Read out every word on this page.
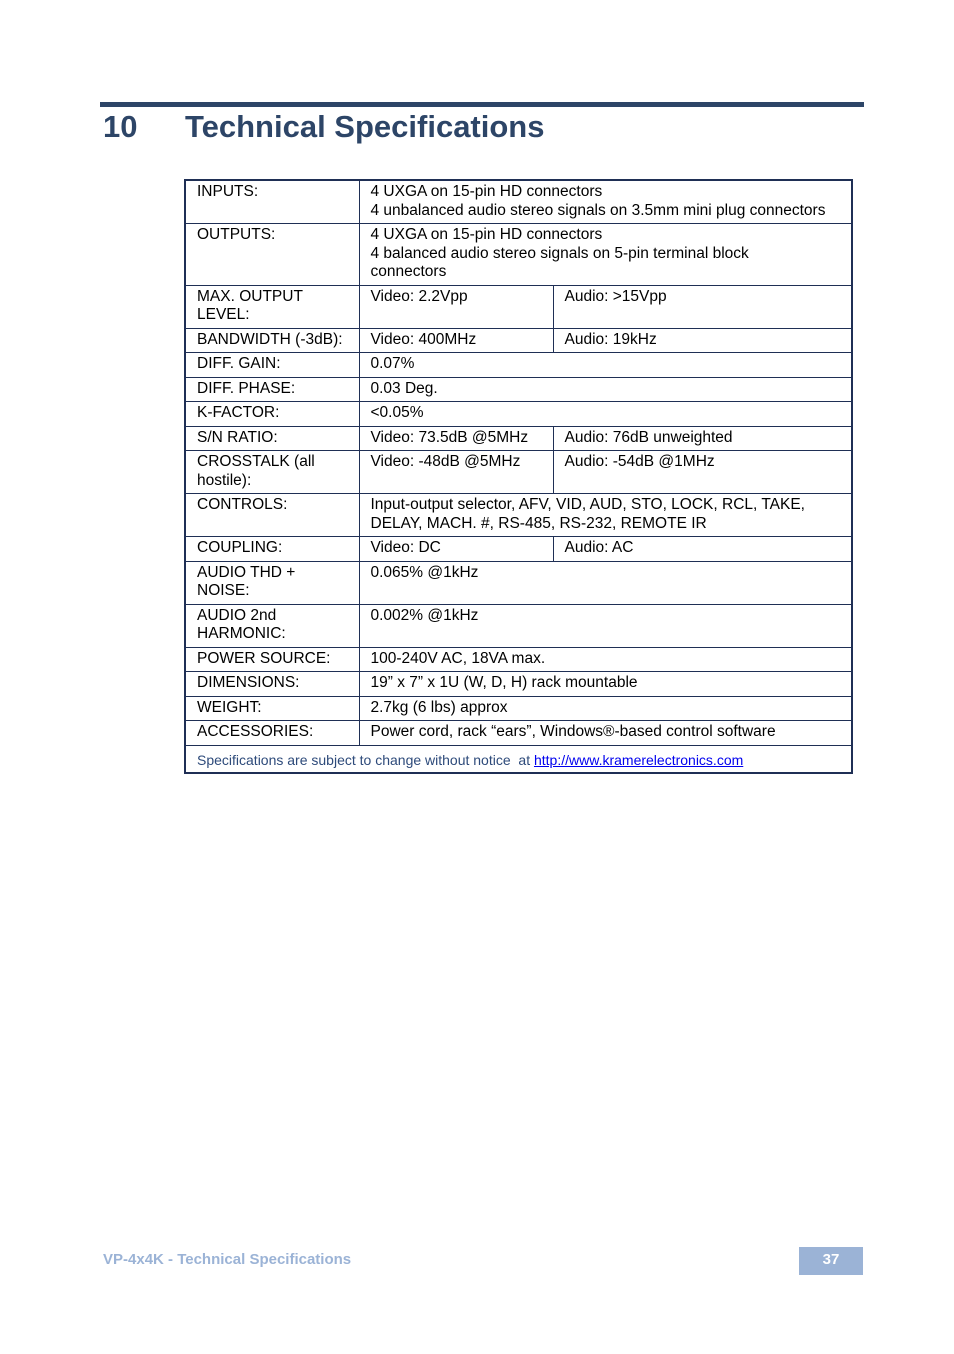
10 Technical Specifications
INPUTS:	4 UXGA on 15-pin HD connectors
4 unbalanced audio stereo signals on 3.5mm mini plug connectors	
OUTPUTS:	4 UXGA on 15-pin HD connectors
4 balanced audio stereo signals on 5-pin terminal block connectors	
MAX. OUTPUT LEVEL:	Video: 2.2Vpp	Audio: >15Vpp
BANDWIDTH (-3dB):	Video: 400MHz	Audio: 19kHz
DIFF. GAIN:	0.07%	
DIFF. PHASE:	0.03 Deg.	
K-FACTOR:	<0.05%	
S/N RATIO:	Video: 73.5dB @5MHz	Audio: 76dB unweighted
CROSSTALK (all hostile):	Video: -48dB @5MHz	Audio: -54dB @1MHz
CONTROLS:	Input-output selector, AFV, VID, AUD, STO, LOCK, RCL, TAKE, DELAY, MACH. #, RS-485, RS-232, REMOTE IR	
COUPLING:	Video: DC	Audio: AC
AUDIO THD + NOISE:	0.065% @1kHz	
AUDIO 2nd HARMONIC:	0.002% @1kHz	
POWER SOURCE:	100-240V AC, 18VA max.	
DIMENSIONS:	19” x 7” x 1U (W, D, H) rack mountable	
WEIGHT:	2.7kg (6 lbs) approx	
ACCESSORIES:	Power cord, rack “ears”, Windows®-based control software	
Specifications are subject to change without notice  at http://www.kramerelectronics.com		
VP-4x4K - Technical Specifications	37
